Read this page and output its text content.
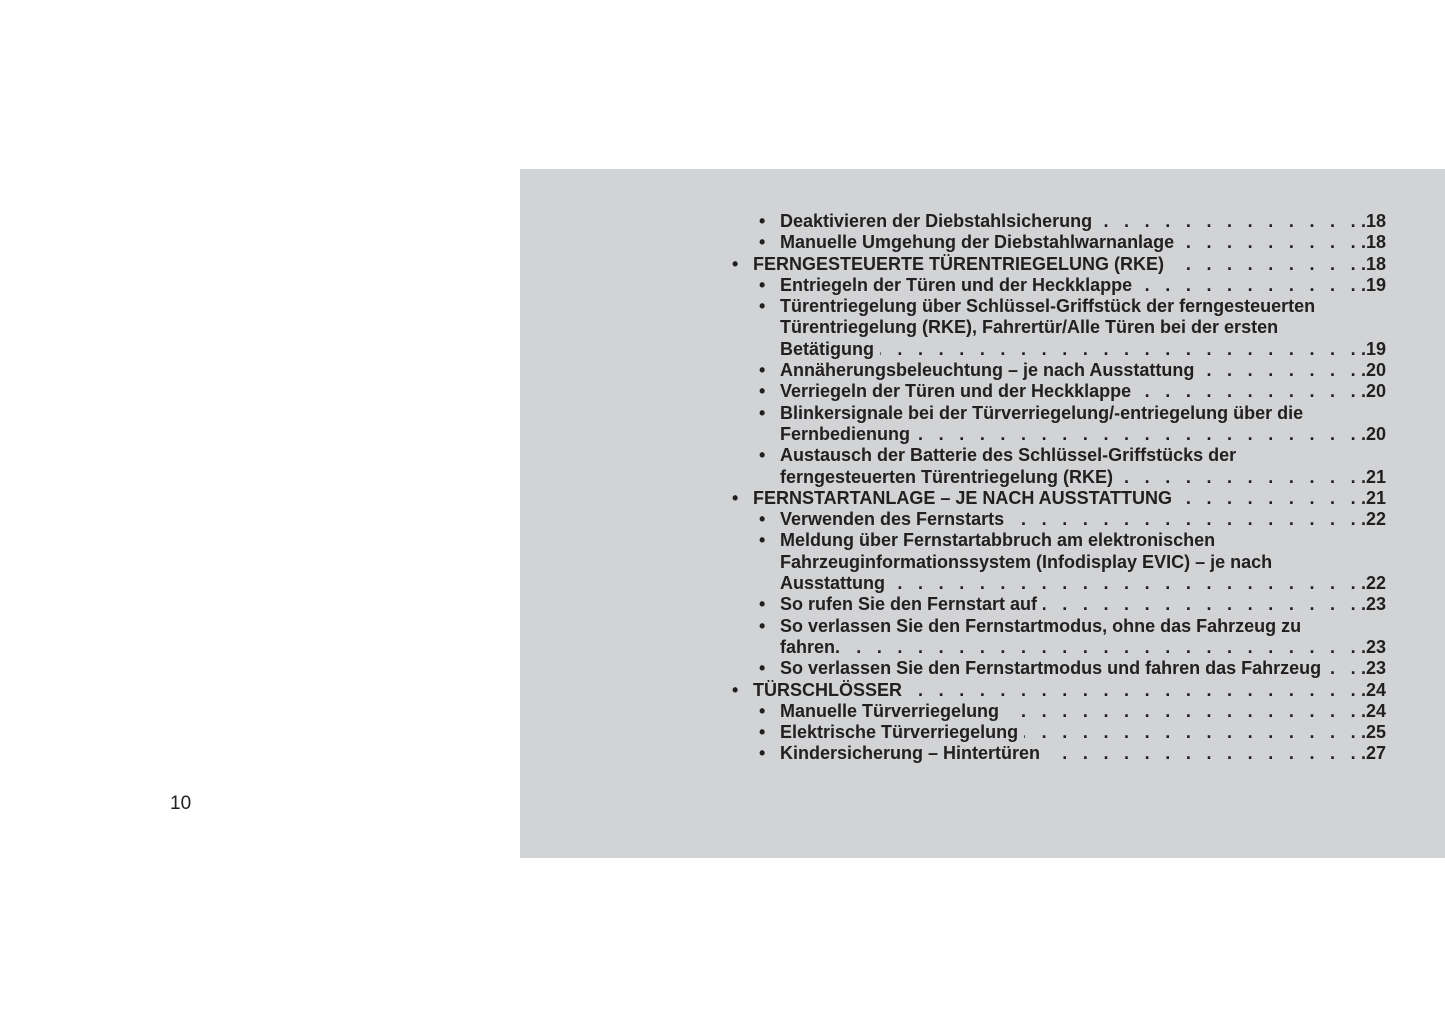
10
• Deaktivieren der Diebstahlsicherung . . .	.18
• Manuelle Umgehung der Diebstahlwarnanlage . . .	.18
• FERNGESTEUERTE TÜRENTRIEGELUNG (RKE) . . .	.18
• Entriegeln der Türen und der Heckklappe . . .	.19
• Türentriegelung über Schlüssel-Griffstück der ferngesteuerten
Türentriegelung (RKE), Fahrertür/Alle Türen bei der ersten
Betätigung . . .	.19
• Annäherungsbeleuchtung – je nach Ausstattung . . .	.20
• Verriegeln der Türen und der Heckklappe . . .	.20
• Blinkersignale bei der Türverriegelung/-entriegelung über die
Fernbedienung . . .	.20
• Austausch der Batterie des Schlüssel-Griffstücks der
ferngesteuerten Türentriegelung (RKE) . . .	.21
• FERNSTARTANLAGE – JE NACH AUSSTATTUNG . . .	.21
• Verwenden des Fernstarts . . .	.22
• Meldung über Fernstartabbruch am elektronischen
Fahrzeuginformationssystem (Infodisplay EVIC) – je nach
Ausstattung . . .	.22
• So rufen Sie den Fernstart auf . . .	.23
• So verlassen Sie den Fernstartmodus, ohne das Fahrzeug zu
fahren. . . .	.23
• So verlassen Sie den Fernstartmodus und fahren das Fahrzeug . . .	.23
• TÜRSCHLÖSSER . . .	.24
• Manuelle Türverriegelung . . .	.24
• Elektrische Türverriegelung . . .	.25
• Kindersicherung – Hintertüren . . .	.27
